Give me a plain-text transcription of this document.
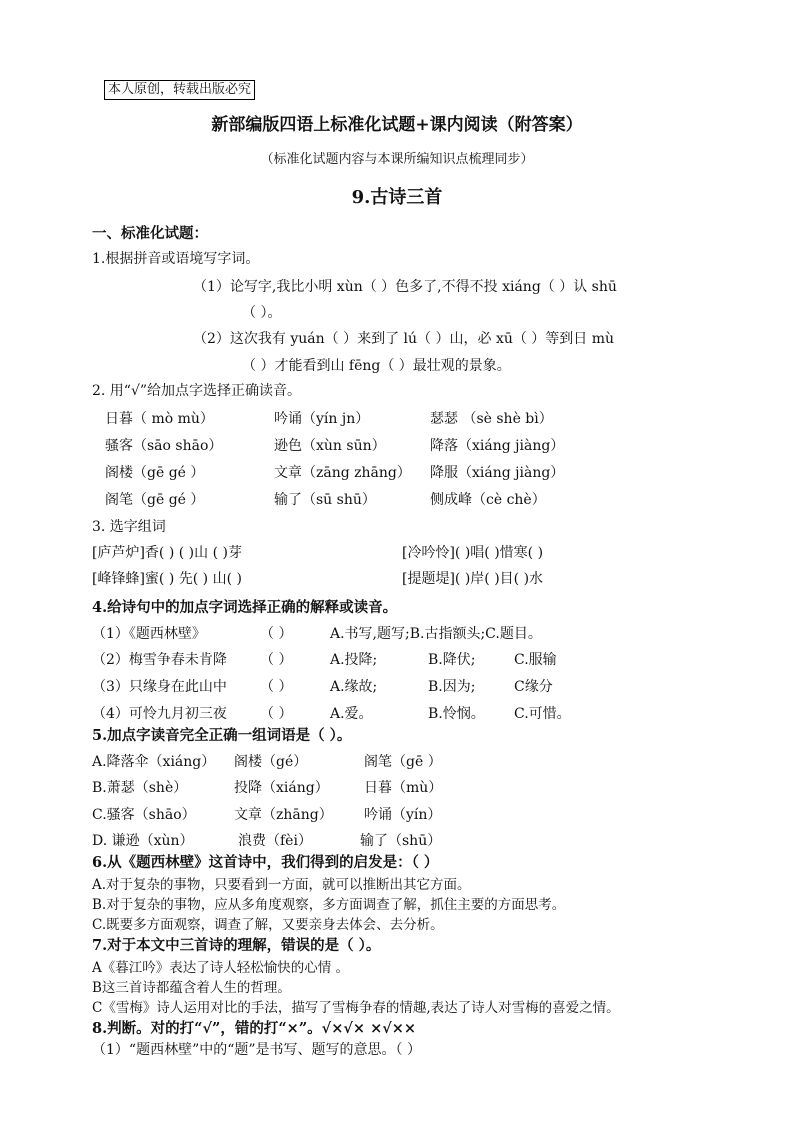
本人原创，转载出版必究
新部编版四语上标准化试题+课内阅读（附答案）
（标准化试题内容与本课所编知识点梳理同步）
9.古诗三首
一、标准化试题：
1.根据拼音或语境写字词。
（1）论写字,我比小明 xùn（ ）色多了,不得不投 xiáng（ ）认 shū
（ ）。
（2）这次我有 yuán（ ）来到了 lú（ ）山，必 xū（ ）等到日 mù
（ ）才能看到山 fēng（ ）最壮观的景象。
2. 用“√”给加点字选择正确读音。
日暮（ mò mù）	吟诵（yín jn）	瑟瑟 （sè shè bì）
骚客（sāo shāo）	逊色（xùn sūn）	降落（xiáng jiàng）
阁楼（gē gé ）	文章（zāng zhāng） 降服（xiáng jiàng）
阁笔（gē gé ）	输了（sū shū）	侧成峰（cè chè）
3. 选字组词
[庐芦炉]香( ) ( )山 ( )芽	[冷吟怜]( )唱( )惜寒( )
[峰锋蜂]蜜( ) 先( ) 山( )	[提题堤]( )岸( )目( )水
4.给诗句中的加点字词选择正确的解释或读音。
（1）《题西林壁》	（ ）	A.书写,题写;B.古指额头;C.题目。
（2）梅雪争春未肯降 （ ）	A.投降;	B.降伏;	C.服输
（3）只缘身在此山中 （ ）	A.缘故;	B.因为;	C缘分
（4）可怜九月初三夜 （ ）	A.爱。	B.怜悯。 C.可惜。
5.加点字读音完全正确一组词语是（ ）。
A.降落伞（xiáng） 阁楼（gé）	阁笔（gē ）
B.萧瑟（shè）	投降（xiáng）	日暮（mù）
C.骚客（shāo）	文章（zhāng） 吟诵（yín）
D. 谦逊（xùn）	浪费（fèi）	输了（shū）
6.从《题西林壁》这首诗中，我们得到的启发是：（ ）
A.对于复杂的事物，只要看到一方面，就可以推断出其它方面。
B.对于复杂的事物，应从多角度观察，多方面调查了解，抓住主要的方面思考。
C.既要多方面观察，调查了解，又要亲身去体会、去分析。
7.对于本文中三首诗的理解，错误的是（ ）。
A《暮江吟》表达了诗人轻松愉快的心情 。
B这三首诗都蕴含着人生的哲理。
C《雪梅》诗人运用对比的手法，描写了雪梅争春的情趣,表达了诗人对雪梅的喜爱之情。
8.判断。对的打“√”，错的打“×”。√×√× ×√××
（1）“题西林壁”中的“题”是书写、题写的意思。（ ）
